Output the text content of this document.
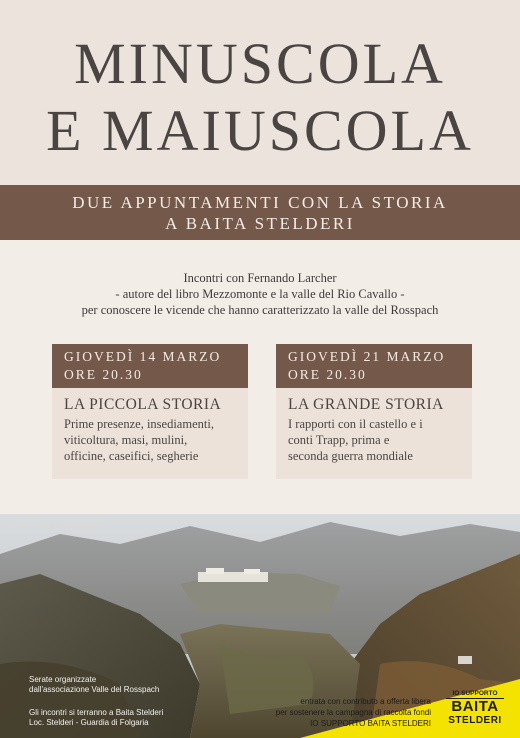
MINUSCOLA
E MAIUSCOLA
DUE APPUNTAMENTI CON LA STORIA
A BAITA STELDERI
Incontri con Fernando Larcher
- autore del libro Mezzomonte e la valle del Rio Cavallo -
per conoscere le vicende che hanno caratterizzato la valle del Rosspach
GIOVEDÌ 14 MARZO
ORE 20.30
LA PICCOLA STORIA
Prime presenze, insediamenti,
viticoltura, masi, mulini,
officine, caseifici, segherie
GIOVEDÌ 21 MARZO
ORE 20.30
LA GRANDE STORIA
I rapporti con il castello e i
conti Trapp, prima e
seconda guerra mondiale
foto dall'archivio di Portobesene
Serate organizzate
dall'associazione Valle del Rosspach
Gli incontri si terranno a Baita Stelderi
Loc. Stelderi - Guardia di Folgaria
entrata con contributo a offerta libera
per sostenere la campagna di raccolta fondi
IO SUPPORTO BAITA STELDERI
IO SUPPORTO
BAITA
STELDERI
